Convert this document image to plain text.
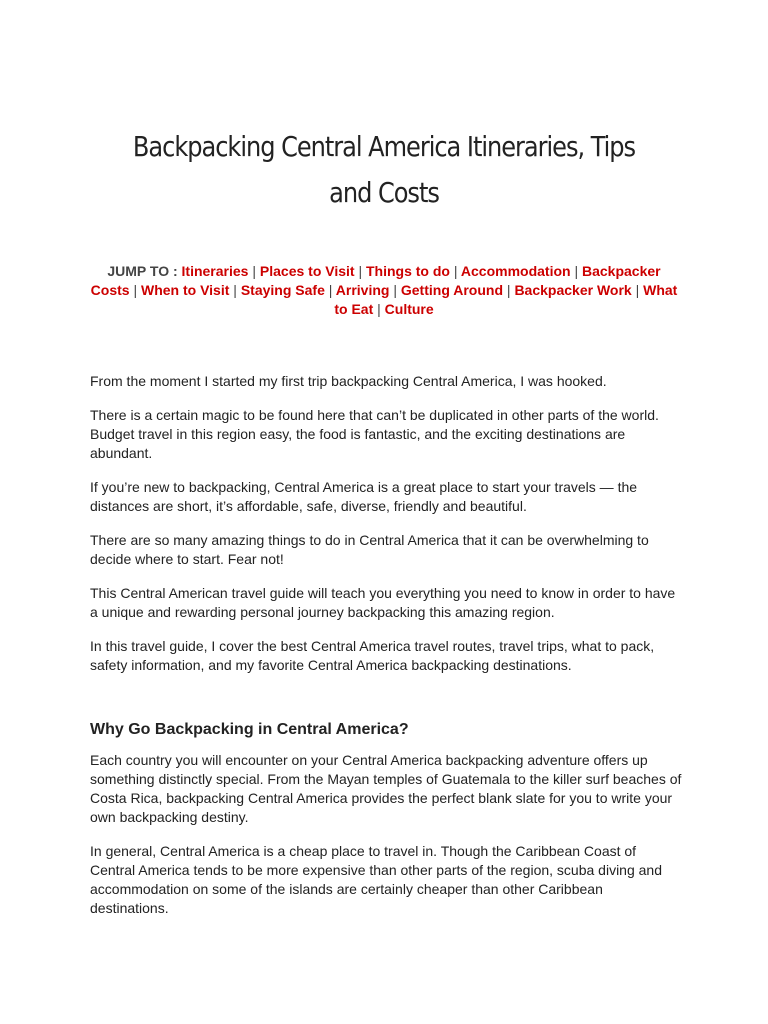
Backpacking Central America Itineraries, Tips and Costs
JUMP TO : Itineraries | Places to Visit | Things to do | Accommodation | Backpacker Costs | When to Visit | Staying Safe | Arriving | Getting Around | Backpacker Work | What to Eat | Culture

From the moment I started my first trip backpacking Central America, I was hooked.

There is a certain magic to be found here that can’t be duplicated in other parts of the world. Budget travel in this region easy, the food is fantastic, and the exciting destinations are abundant.

If you’re new to backpacking, Central America is a great place to start your travels — the distances are short, it’s affordable, safe, diverse, friendly and beautiful.

There are so many amazing things to do in Central America that it can be overwhelming to decide where to start. Fear not!

This Central American travel guide will teach you everything you need to know in order to have a unique and rewarding personal journey backpacking this amazing region.

In this travel guide, I cover the best Central America travel routes, travel trips, what to pack, safety information, and my favorite Central America backpacking destinations.

Why Go Backpacking in Central America?

Each country you will encounter on your Central America backpacking adventure offers up something distinctly special. From the Mayan temples of Guatemala to the killer surf beaches of Costa Rica, backpacking Central America provides the perfect blank slate for you to write your own backpacking destiny.

In general, Central America is a cheap place to travel in. Though the Caribbean Coast of Central America tends to be more expensive than other parts of the region, scuba diving and accommodation on some of the islands are certainly cheaper than other Caribbean destinations.
